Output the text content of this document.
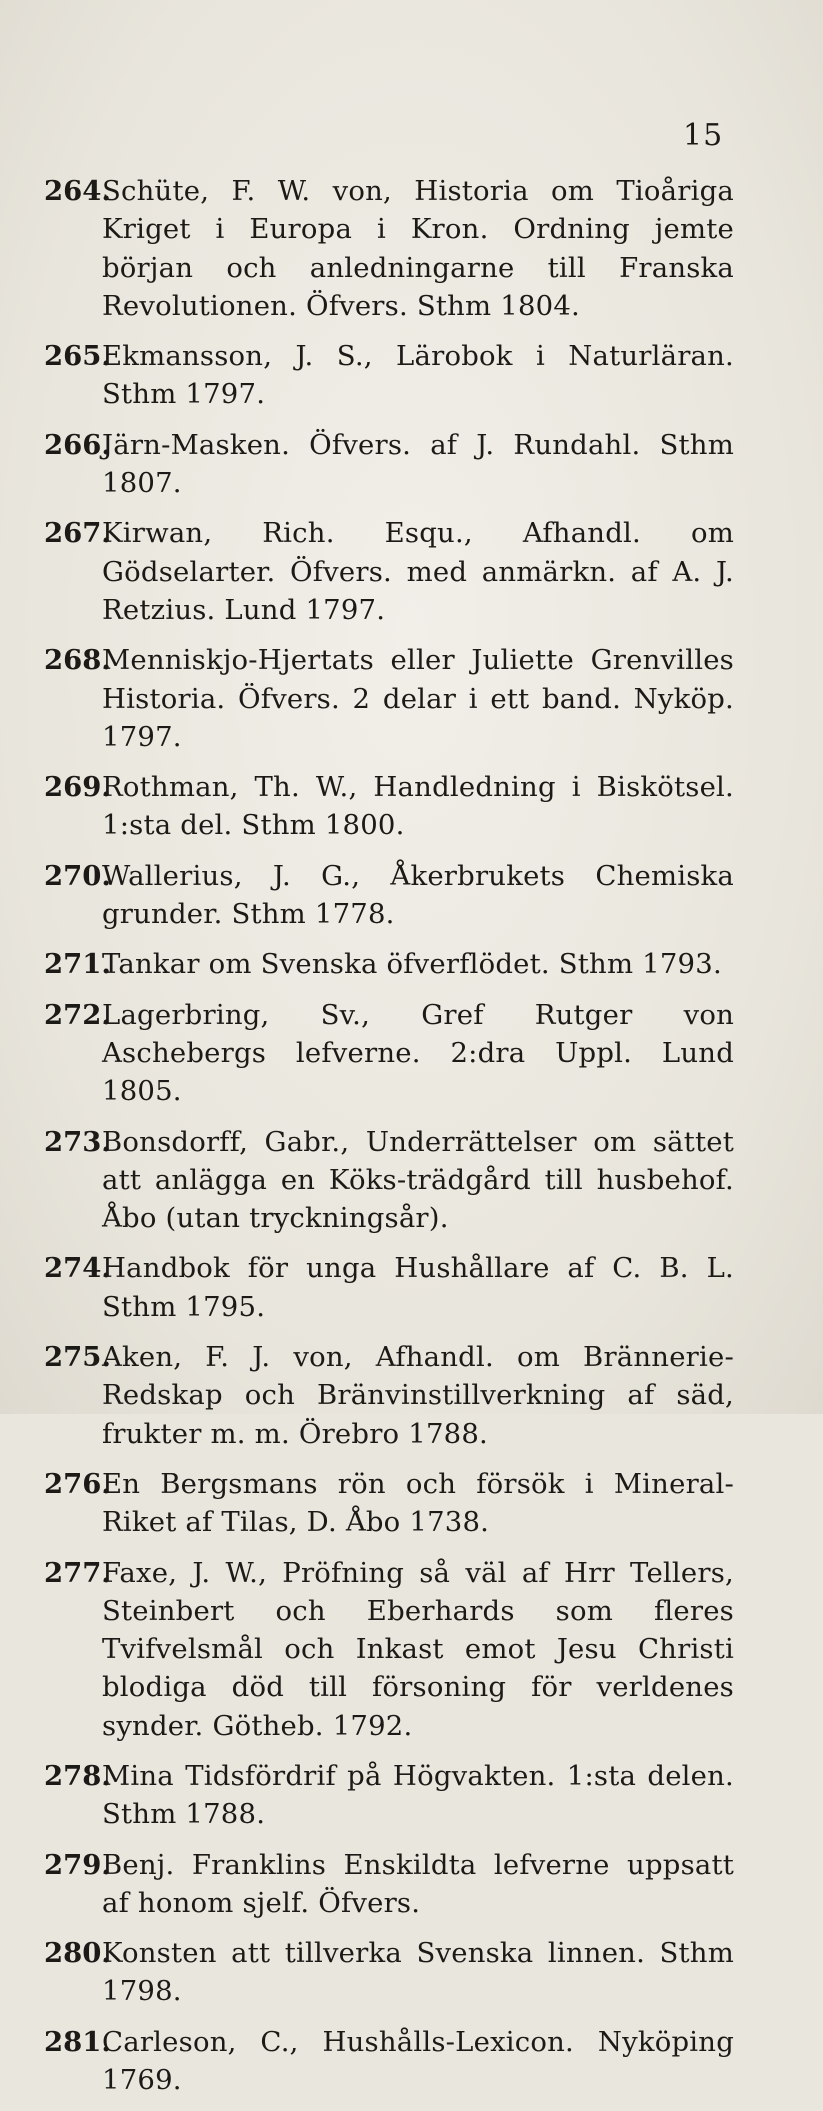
15
264.
Schüte, F. W. von, Historia om Tioåriga Kriget i Europa i Kron. Ordning jemte början och anledningarne till Franska Revolutionen. Öfvers. Sthm 1804.
265.
Ekmansson, J. S., Lärobok i Naturläran. Sthm 1797.
266.
Järn-Masken. Öfvers. af J. Rundahl. Sthm 1807.
267.
Kirwan, Rich. Esqu., Afhandl. om Gödselarter. Öfvers. med anmärkn. af A. J. Retzius. Lund 1797.
268.
Menniskjo-Hjertats eller Juliette Grenvilles Historia. Öfvers. 2 delar i ett band. Nyköp. 1797.
269.
Rothman, Th. W., Handledning i Biskötsel. 1:sta del. Sthm 1800.
270.
Wallerius, J. G., Åkerbrukets Chemiska grunder. Sthm 1778.
271.
Tankar om Svenska öfverflödet. Sthm 1793.
272.
Lagerbring, Sv., Gref Rutger von Aschebergs lefverne. 2:dra Uppl. Lund 1805.
273.
Bonsdorff, Gabr., Underrättelser om sättet att anlägga en Köks-trädgård till husbehof. Åbo (utan tryckningsår).
274.
Handbok för unga Hushållare af C. B. L. Sthm 1795.
275.
Aken, F. J. von, Afhandl. om Brännerie-Redskap och Bränvinstillverkning af säd, frukter m. m. Örebro 1788.
276.
En Bergsmans rön och försök i Mineral-Riket af Tilas, D. Åbo 1738.
277.
Faxe, J. W., Pröfning så väl af Hrr Tellers, Steinbert och Eberhards som fleres Tvifvelsmål och Inkast emot Jesu Christi blodiga död till försoning för verldenes synder. Götheb. 1792.
278.
Mina Tidsfördrif på Högvakten. 1:sta delen. Sthm 1788.
279.
Benj. Franklins Enskildta lefverne uppsatt af honom sjelf. Öfvers.
280.
Konsten att tillverka Svenska linnen. Sthm 1798.
281.
Carleson, C., Hushålls-Lexicon. Nyköping 1769.
